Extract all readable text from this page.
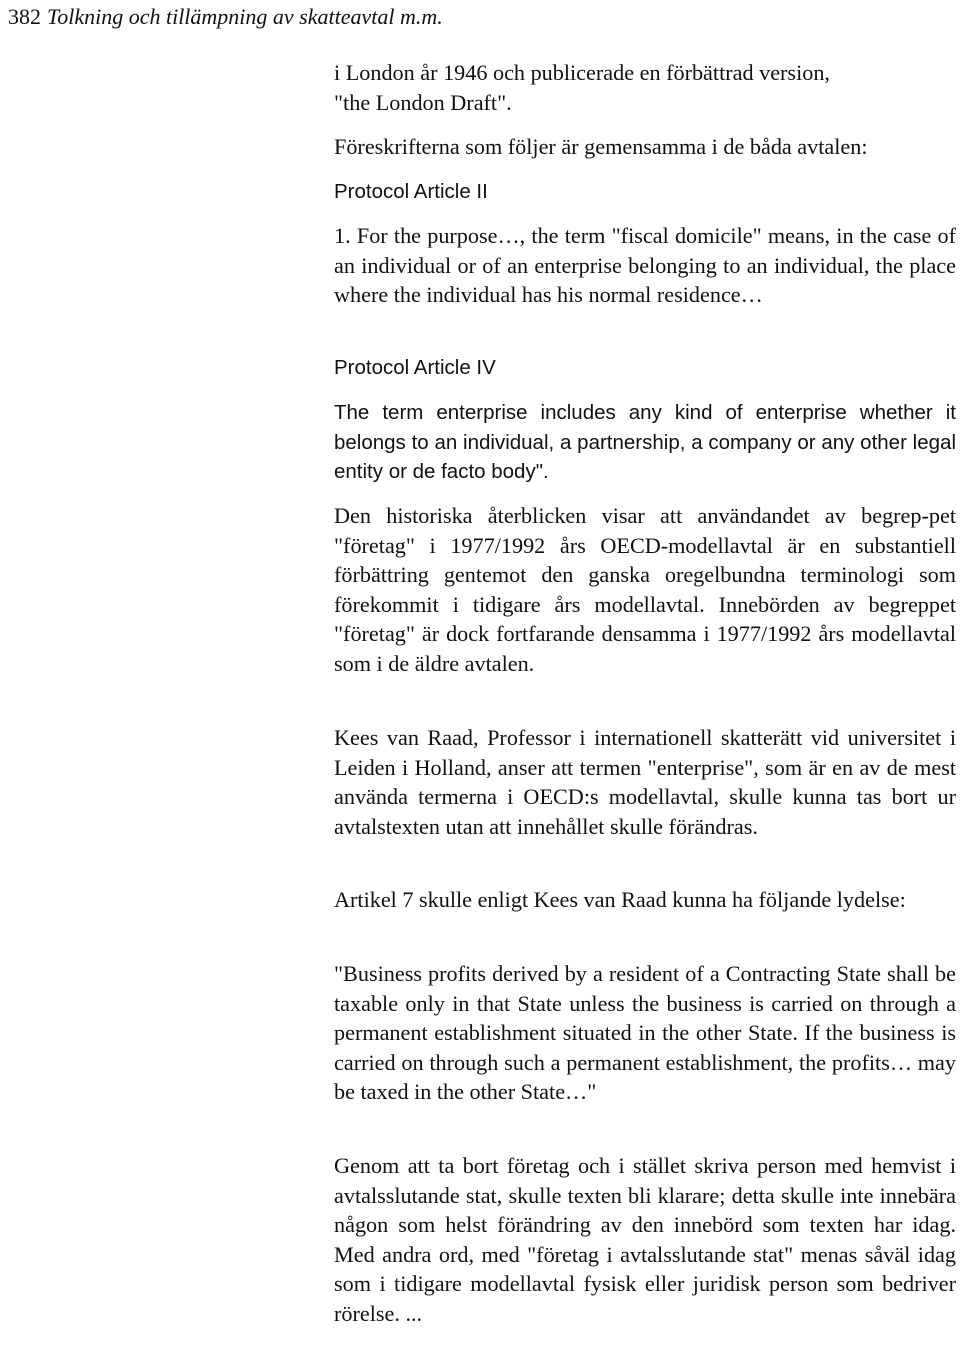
382 Tolkning och tillämpning av skatteavtal m.m.

i London år 1946 och publicerade en förbättrad version,

"the London Draft".

Föreskrifterna som följer är gemensamma i de båda avtalen:

Protocol Article II

1. For the purpose…, the term "fiscal domicile" means, in the case of an individual or of an enterprise belonging to an individual, the place where the individual has his normal residence…

Protocol Article IV

The term enterprise includes any kind of enterprise whether it belongs to an individual, a partnership, a company or any other legal entity or de facto body".

Den historiska återblicken visar att användandet av begrep-pet "företag" i 1977/1992 års OECD-modellavtal är en substantiell förbättring gentemot den ganska oregelbundna terminologi som förekommit i tidigare års modellavtal. Innebörden av begreppet "företag" är dock fortfarande densamma i 1977/1992 års modellavtal som i de äldre avtalen.

Kees van Raad, Professor i internationell skatterätt vid universitet i Leiden i Holland, anser att termen "enterprise", som är en av de mest använda termerna i OECD:s modellavtal, skulle kunna tas bort ur avtalstexten utan att innehållet skulle förändras.

Artikel 7 skulle enligt Kees van Raad kunna ha följande lydelse:

"Business profits derived by a resident of a Contracting State shall be taxable only in that State unless the business is carried on through a permanent establishment situated in the other State. If the business is carried on through such a permanent establishment, the profits… may be taxed in the other State…"

Genom att ta bort företag och i stället skriva person med hemvist i avtalsslutande stat, skulle texten bli klarare; detta skulle inte innebära någon som helst förändring av den innebörd som texten har idag. Med andra ord, med "företag i avtalsslutande stat" menas såväl idag som i tidigare modellavtal fysisk eller juridisk person som bedriver rörelse. ...
